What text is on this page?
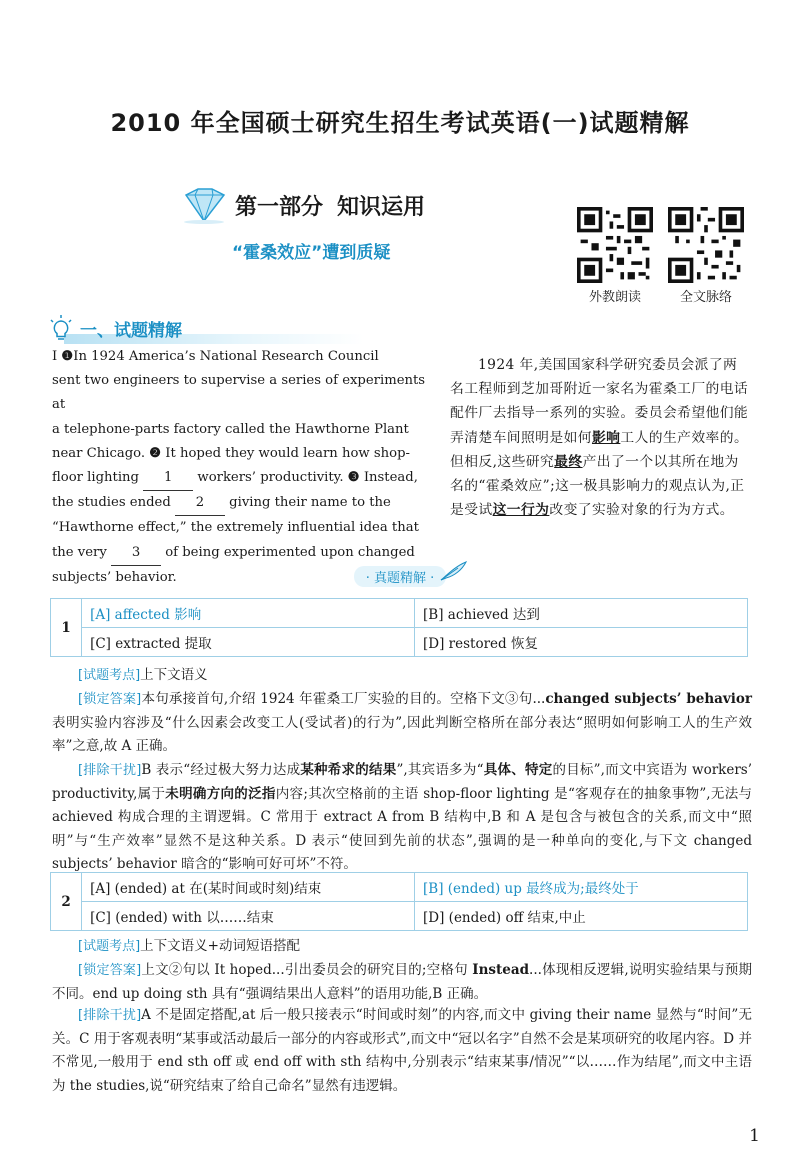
2010 年全国硕士研究生招生考试英语(一)试题精解
第一部分 知识运用
“霍桑效应”遭到质疑
外教朗读	全文脉络
一、试题精解
Ⅰ ❶In 1924 America’s National Research Council
sent two engineers to supervise a series of experiments at
a telephone-parts factory called the Hawthorne Plant
near Chicago. ❷ It hoped they would learn how shop-
floor lighting 1 workers’ productivity. ❸ Instead,
the studies ended 2 giving their name to the
“Hawthorne effect,” the extremely influential idea that
the very 3 of being experimented upon changed
subjects’ behavior.
1924 年,美国国家科学研究委员会派了两名工程师到芝加哥附近一家名为霍桑工厂的电话配件厂去指导一系列的实验。委员会希望他们能弄清楚车间照明是如何影响工人的生产效率的。但相反,这些研究最终产出了一个以其所在地为名的“霍桑效应”;这一极具影响力的观点认为,正是受试这一行为改变了实验对象的行为方式。
· 真题精解 ·
1	[A] affected 影响	[B] achieved 达到
	[C] extracted 提取	[D] restored 恢复
[试题考点]上下文语义
[锁定答案]本句承接首句,介绍 1924 年霍桑工厂实验的目的。空格下文③句...changed subjects’ behavior表明实验内容涉及“什么因素会改变工人(受试者)的行为”,因此判断空格所在部分表达“照明如何影响工人的生产效率”之意,故 A 正确。
[排除干扰]B 表示“经过极大努力达成某种希求的结果”,其宾语多为“具体、特定的目标”,而文中宾语为 workers’ productivity,属于未明确方向的泛指内容;其次空格前的主语 shop-floor lighting 是“客观存在的抽象事物”,无法与 achieved 构成合理的主谓逻辑。C 常用于 extract A from B 结构中,B 和 A 是包含与被包含的关系,而文中“照明”与“生产效率”显然不是这种关系。D 表示“使回到先前的状态”,强调的是一种单向的变化,与下文 changed subjects’ behavior 暗含的“影响可好可坏”不符。
2	[A] (ended) at 在(某时间或时刻)结束	[B] (ended) up 最终成为;最终处于
	[C] (ended) with 以……结束	[D] (ended) off 结束,中止
[试题考点]上下文语义+动词短语搭配
[锁定答案]上文②句以 It hoped...引出委员会的研究目的;空格句 Instead...体现相反逻辑,说明实验结果与预期不同。end up doing sth 具有“强调结果出人意料”的语用功能,B 正确。
[排除干扰]A 不是固定搭配,at 后一般只接表示“时间或时刻”的内容,而文中 giving their name 显然与“时间”无关。C 用于客观表明“某事或活动最后一部分的内容或形式”,而文中“冠以名字”自然不会是某项研究的收尾内容。D 并不常见,一般用于 end sth off 或 end off with sth 结构中,分别表示“结束某事/情况”“以……作为结尾”,而文中主语为 the studies,说“研究结束了给自己命名”显然有违逻辑。
1
